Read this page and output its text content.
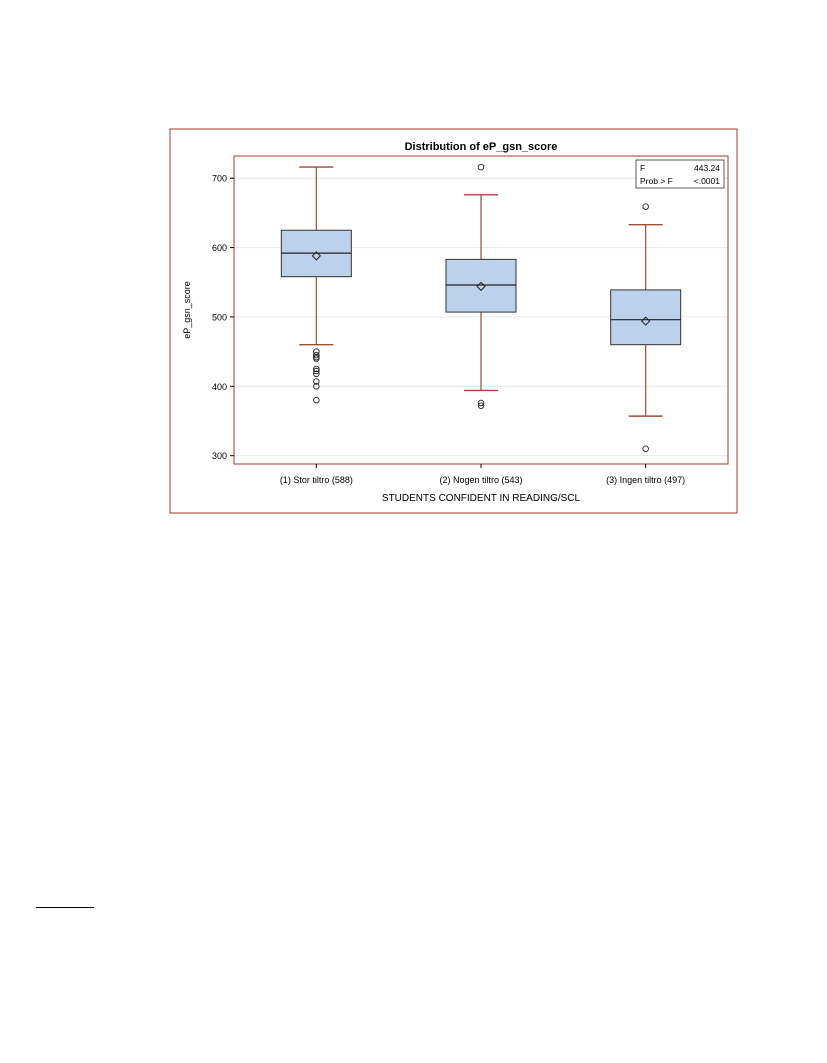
Distribution of eP_gsn_score
300
400
500
600
700
(1) Stor tiltro (588)	(2) Nogen tiltro (543)	(3) Ingen tiltro (497)
STUDENTS CONFIDENT IN READING/SCL
eP_gsn_score
F	443.24
Prob > F <.0001
